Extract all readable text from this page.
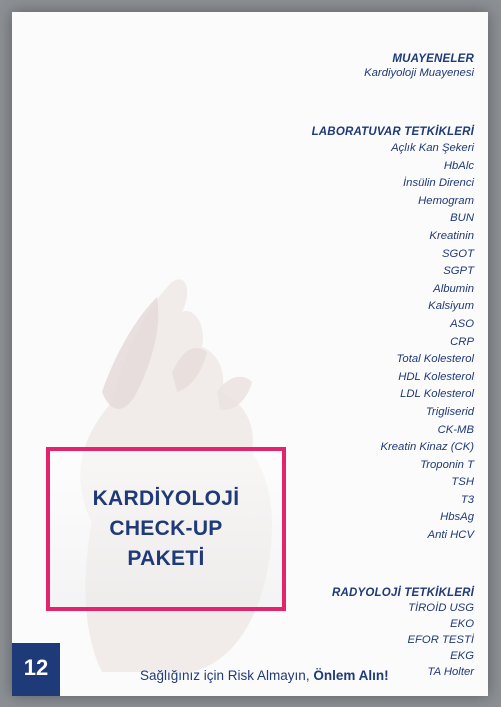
MUAYENELER
Kardiyoloji Muayenesi
LABORATUVAR TETKİKLERİ
Açlık Kan Şekeri
HbAlc
İnsülin Direnci
Hemogram
BUN
Kreatinin
SGOT
SGPT
Albumin
Kalsiyum
ASO
CRP
Total Kolesterol
HDL Kolesterol
LDL Kolesterol
Trigliserid
CK-MB
Kreatin Kinaz (CK)
Troponin T
TSH
T3
HbsAg
Anti HCV
RADYOLOJİ TETKİKLERİ
TİROİD USG
EKO
EFOR TESTİ
EKG
TA Holter
KARDİYOLOJİ
CHECK-UP
PAKETİ
12	Sağlığınız için Risk Almayın, Önlem Alın!
